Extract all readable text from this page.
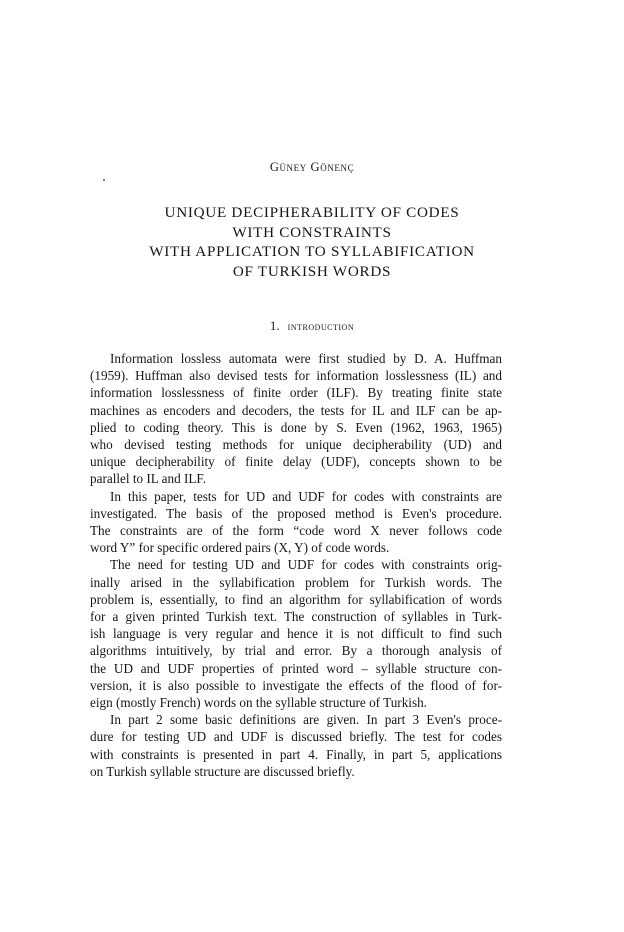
Güney Gönenç
UNIQUE DECIPHERABILITY OF CODES
WITH CONSTRAINTS
WITH APPLICATION TO SYLLABIFICATION
OF TURKISH WORDS
1. introduction

Information lossless automata were first studied by D. A. Huffman
(1959). Huffman also devised tests for information losslessness (IL) and
information losslessness of finite order (ILF). By treating finite state
machines as encoders and decoders, the tests for IL and ILF can be ap-
plied to coding theory. This is done by S. Even (1962, 1963, 1965)
who devised testing methods for unique decipherability (UD) and
unique decipherability of finite delay (UDF), concepts shown to be
parallel to IL and ILF.

In this paper, tests for UD and UDF for codes with constraints are
investigated. The basis of the proposed method is Even's procedure.
The constraints are of the form “code word X never follows code
word Y” for specific ordered pairs (X, Y) of code words.

The need for testing UD and UDF for codes with constraints orig-
inally arised in the syllabification problem for Turkish words. The
problem is, essentially, to find an algorithm for syllabification of words
for a given printed Turkish text. The construction of syllables in Turk-
ish language is very regular and hence it is not difficult to find such
algorithms intuitively, by trial and error. By a thorough analysis of
the UD and UDF properties of printed word – syllable structure con-
version, it is also possible to investigate the effects of the flood of for-
eign (mostly French) words on the syllable structure of Turkish.

In part 2 some basic definitions are given. In part 3 Even's proce-
dure for testing UD and UDF is discussed briefly. The test for codes
with constraints is presented in part 4. Finally, in part 5, applications
on Turkish syllable structure are discussed briefly.
